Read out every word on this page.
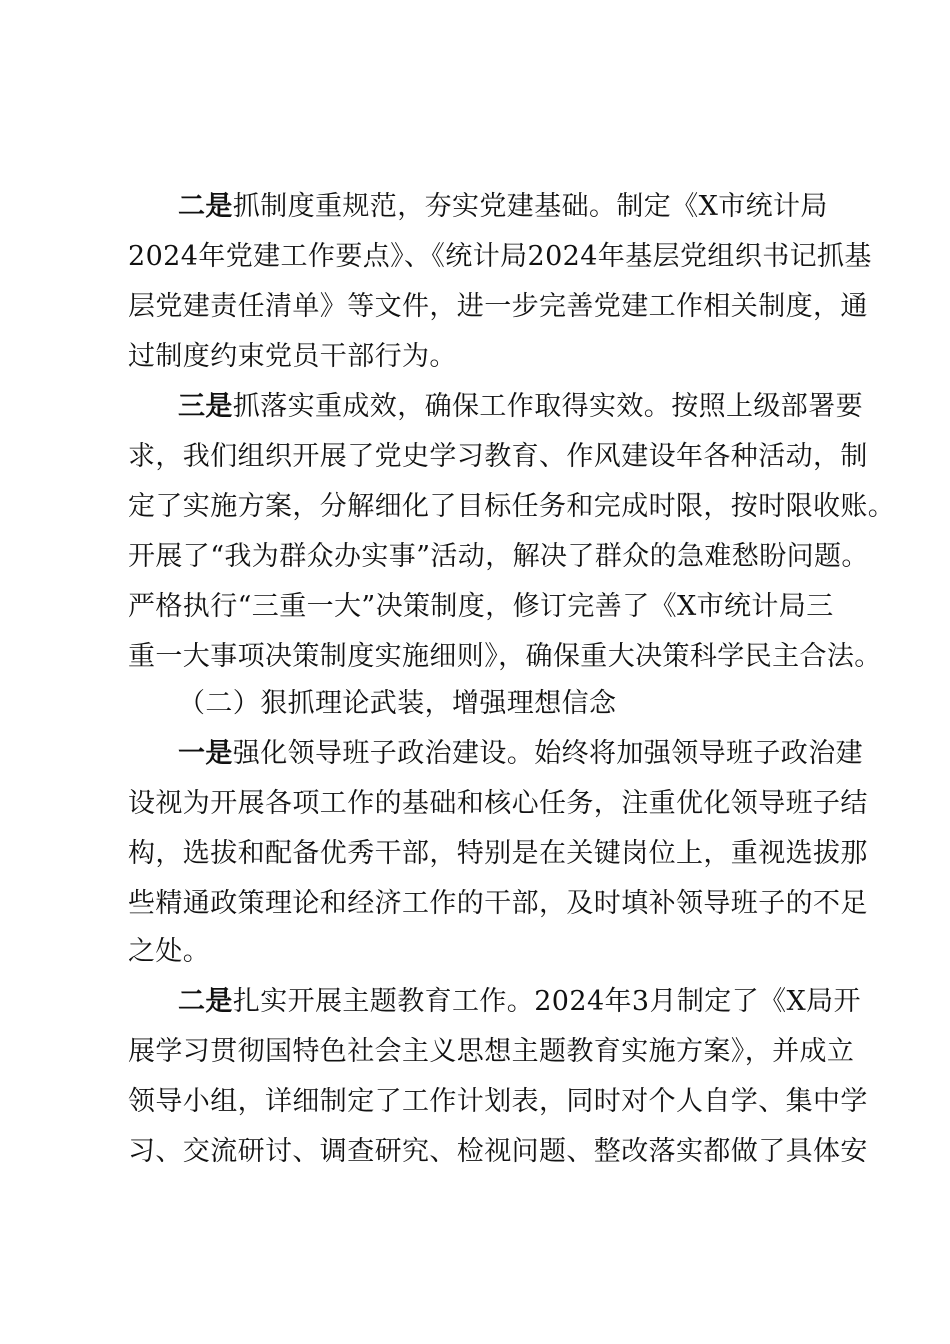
二是抓制度重规范，夯实党建基础。制定《X市统计局
2024年党建工作要点》、《统计局2024年基层党组织书记抓基
层党建责任清单》等文件，进一步完善党建工作相关制度，通
过制度约束党员干部行为。
三是抓落实重成效，确保工作取得实效。按照上级部署要
求，我们组织开展了党史学习教育、作风建设年各种活动，制
定了实施方案，分解细化了目标任务和完成时限，按时限收账。
开展了“我为群众办实事”活动，解决了群众的急难愁盼问题。
严格执行“三重一大”决策制度，修订完善了《X市统计局三
重一大事项决策制度实施细则》，确保重大决策科学民主合法。
（二）狠抓理论武装，增强理想信念
一是强化领导班子政治建设。始终将加强领导班子政治建
设视为开展各项工作的基础和核心任务，注重优化领导班子结
构，选拔和配备优秀干部，特别是在关键岗位上，重视选拔那
些精通政策理论和经济工作的干部，及时填补领导班子的不足
之处。
二是扎实开展主题教育工作。2024年3月制定了《X局开
展学习贯彻国特色社会主义思想主题教育实施方案》，并成立
领导小组，详细制定了工作计划表，同时对个人自学、集中学
习、交流研讨、调查研究、检视问题、整改落实都做了具体安
